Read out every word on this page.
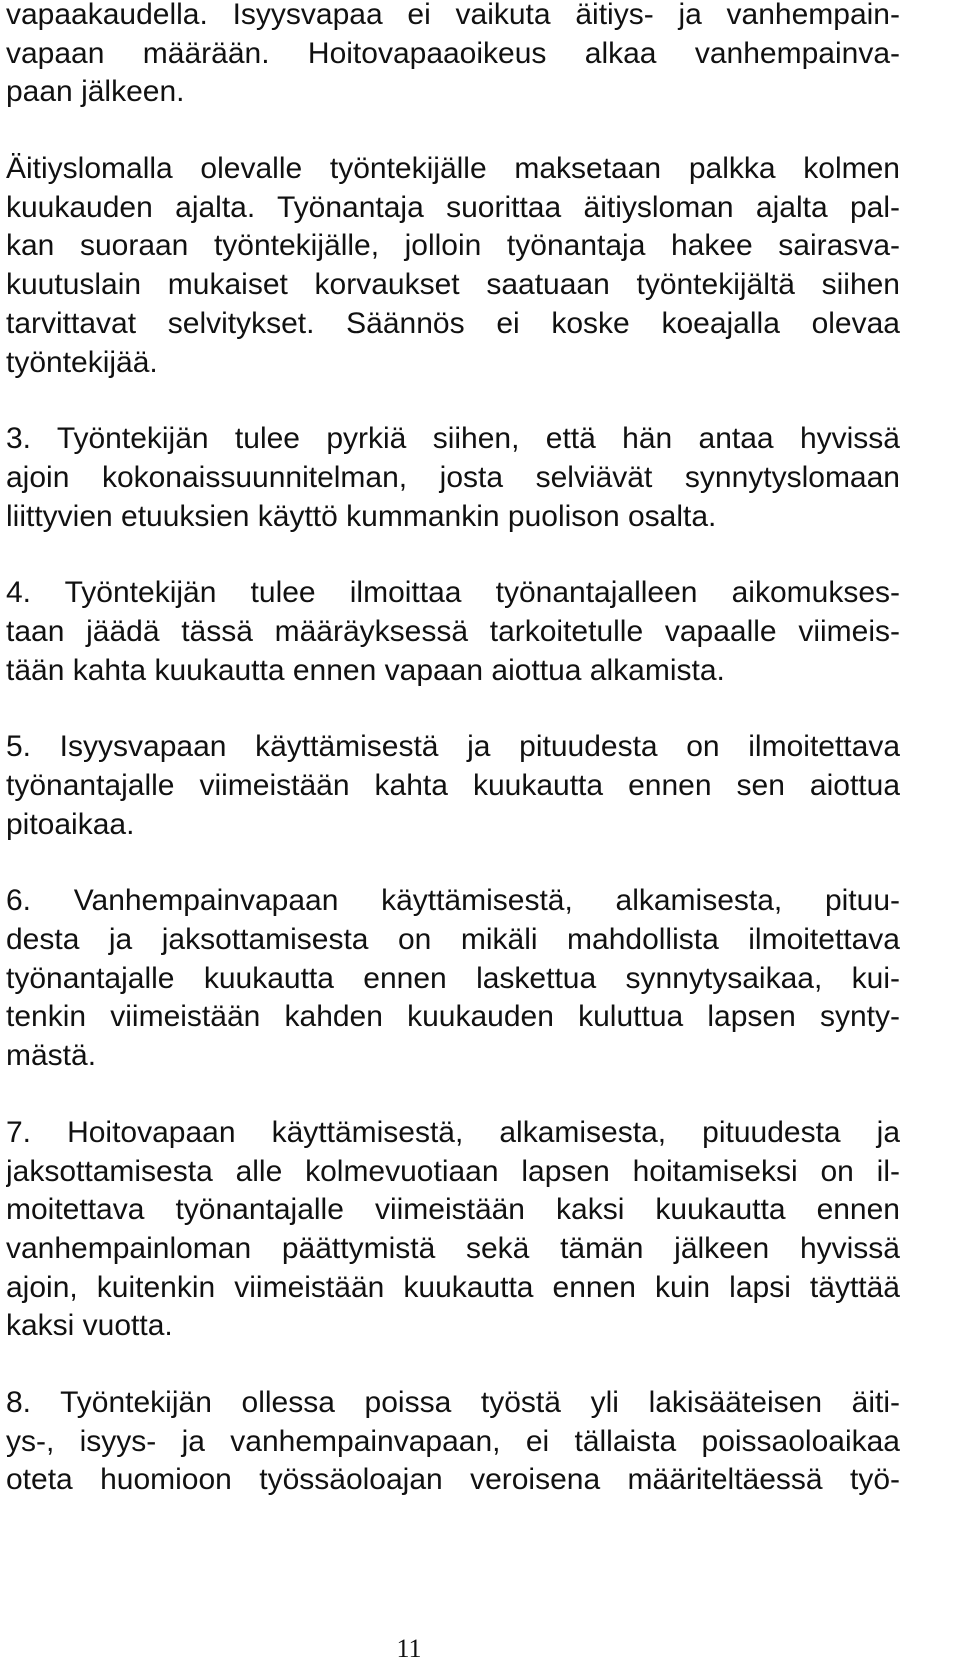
vapaakaudella. Isyysvapaa ei vaikuta äitiys- ja vanhempain-
vapaan määrään. Hoitovapaaoikeus alkaa vanhempainva-
paan jälkeen.
Äitiyslomalla olevalle työntekijälle maksetaan palkka kolmen
kuukauden ajalta. Työnantaja suorittaa äitiysloman ajalta pal-
kan suoraan työntekijälle, jolloin työnantaja hakee sairasva-
kuutuslain mukaiset korvaukset saatuaan työntekijältä siihen
tarvittavat selvitykset. Säännös ei koske koeajalla olevaa
työntekijää.
3. Työntekijän tulee pyrkiä siihen, että hän antaa hyvissä
ajoin kokonaissuunnitelman, josta selviävät synnytyslomaan
liittyvien etuuksien käyttö kummankin puolison osalta.
4. Työntekijän tulee ilmoittaa työnantajalleen aikomukses-
taan jäädä tässä määräyksessä tarkoitetulle vapaalle viimeis-
tään kahta kuukautta ennen vapaan aiottua alkamista.
5. Isyysvapaan käyttämisestä ja pituudesta on ilmoitettava
työnantajalle viimeistään kahta kuukautta ennen sen aiottua
pitoaikaa.
6. Vanhempainvapaan käyttämisestä, alkamisesta, pituu-
desta ja jaksottamisesta on mikäli mahdollista ilmoitettava
työnantajalle kuukautta ennen laskettua synnytysaikaa, kui-
tenkin viimeistään kahden kuukauden kuluttua lapsen synty-
mästä.
7. Hoitovapaan käyttämisestä, alkamisesta, pituudesta ja
jaksottamisesta alle kolmevuotiaan lapsen hoitamiseksi on il-
moitettava työnantajalle viimeistään kaksi kuukautta ennen
vanhempainloman päättymistä sekä tämän jälkeen hyvissä
ajoin, kuitenkin viimeistään kuukautta ennen kuin lapsi täyttää
kaksi vuotta.
8. Työntekijän ollessa poissa työstä yli lakisääteisen äiti-
ys-, isyys- ja vanhempainvapaan, ei tällaista poissaoloaikaa
oteta huomioon työssäoloajan veroisena määriteltäessä työ-
11
